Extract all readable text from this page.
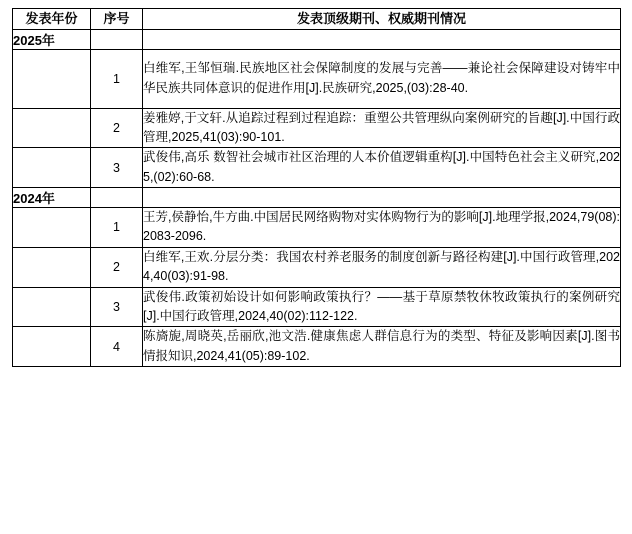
发表年份	序号	发表顶级期刊、权威期刊情况
2025年		
	1	白维军,王邹恒瑞.民族地区社会保障制度的发展与完善——兼论社会保障建设对铸牢中华民族共同体意识的促进作用[J].民族研究,2025,(03):28-40.
	2	姜雅婷,于文轩.从追踪过程到过程追踪：重塑公共管理纵向案例研究的旨趣[J].中国行政管理,2025,41(03):90-101.
	3	武俊伟,高乐 数智社会城市社区治理的人本价值逻辑重构[J].中国特色社会主义研究,2025,(02):60-68.
2024年		
	1	王芳,侯静怡,牛方曲.中国居民网络购物对实体购物行为的影响[J].地理学报,2024,79(08):2083-2096.
	2	白维军,王欢.分层分类：我国农村养老服务的制度创新与路径构建[J].中国行政管理,2024,40(03):91-98.
	3	武俊伟.政策初始设计如何影响政策执行？——基于草原禁牧休牧政策执行的案例研究[J].中国行政管理,2024,40(02):112-122.
	4	陈旖旎,周晓英,岳丽欣,池文浩.健康焦虑人群信息行为的类型、特征及影响因素[J].图书情报知识,2024,41(05):89-102.
